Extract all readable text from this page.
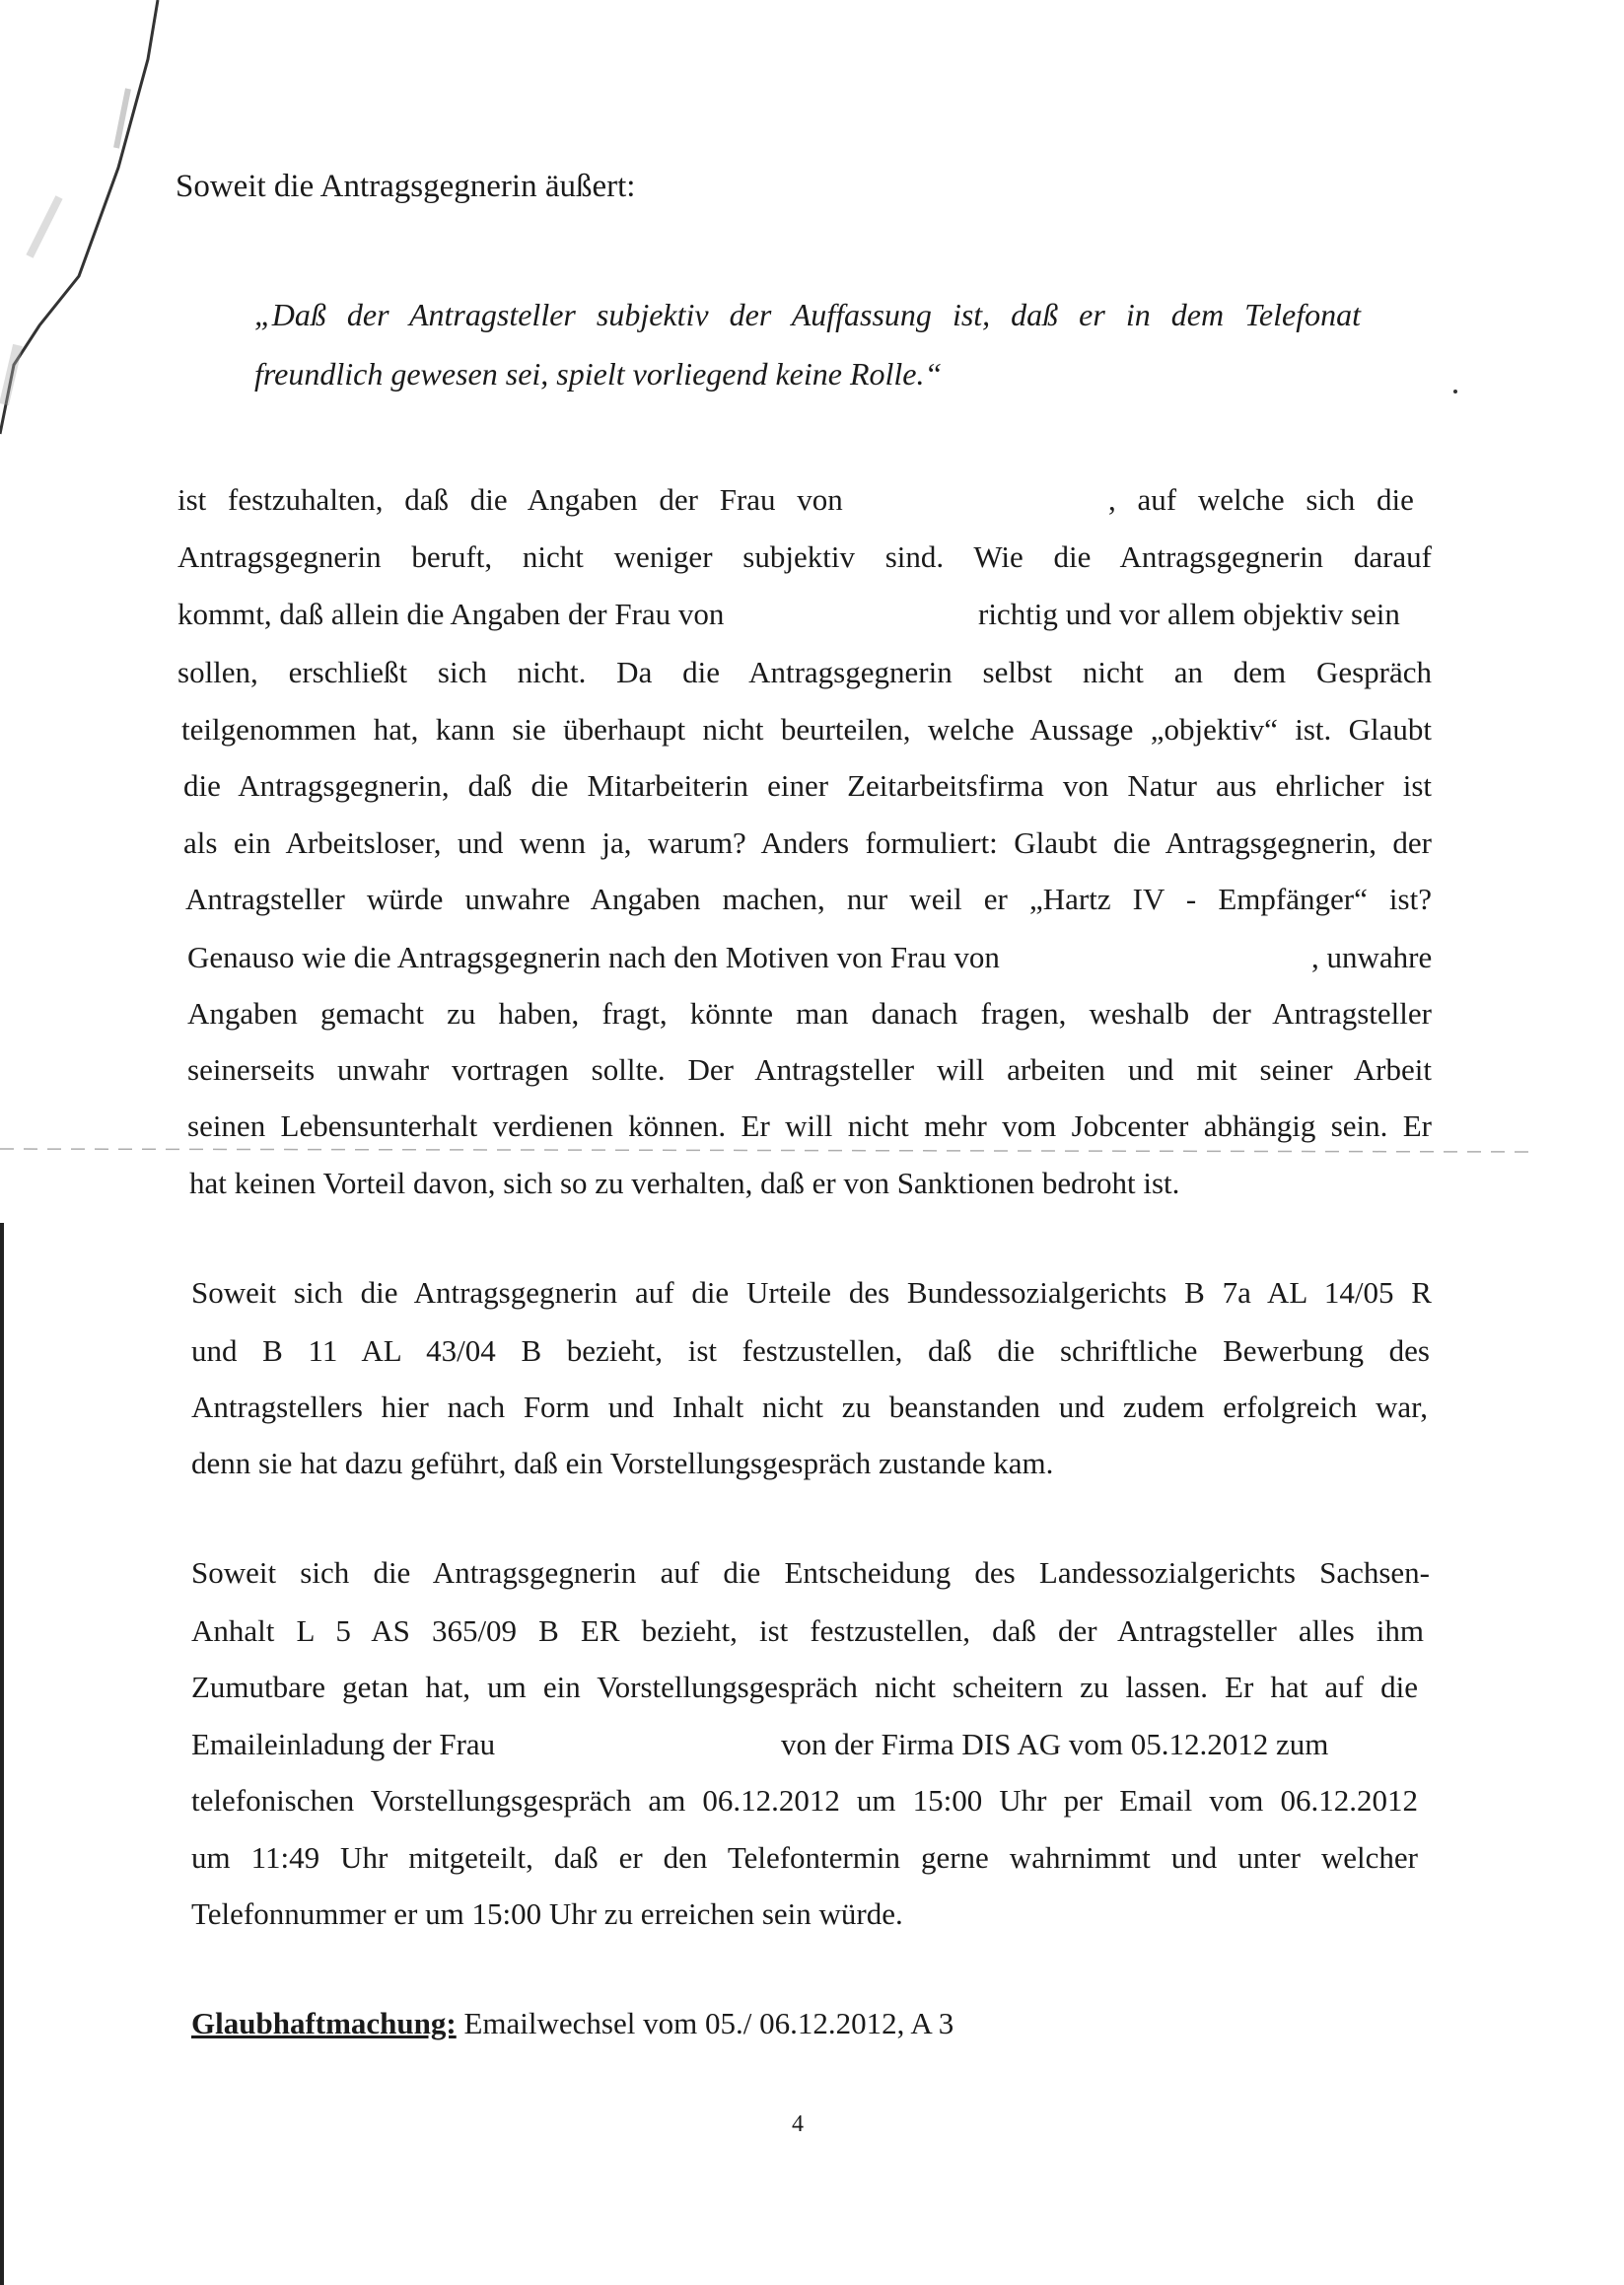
Soweit die Antragsgegnerin äußert:
„Daß der Antragsteller subjektiv der Auffassung ist, daß er in dem Telefonat
freundlich gewesen sei, spielt vorliegend keine Rolle.“
ist festzuhalten, daß die Angaben der Frau von	, auf welche sich die
Antragsgegnerin beruft, nicht weniger subjektiv sind. Wie die Antragsgegnerin darauf
kommt, daß allein die Angaben der Frau von	richtig und vor allem objektiv sein
sollen, erschließt sich nicht. Da die Antragsgegnerin selbst nicht an dem Gespräch
teilgenommen hat, kann sie überhaupt nicht beurteilen, welche Aussage „objektiv“ ist. Glaubt
die Antragsgegnerin, daß die Mitarbeiterin einer Zeitarbeitsfirma von Natur aus ehrlicher ist
als ein Arbeitsloser, und wenn ja, warum? Anders formuliert: Glaubt die Antragsgegnerin, der
Antragsteller würde unwahre Angaben machen, nur weil er „Hartz IV - Empfänger“ ist?
Genauso wie die Antragsgegnerin nach den Motiven von Frau von	, unwahre
Angaben gemacht zu haben, fragt, könnte man danach fragen, weshalb der Antragsteller
seinerseits unwahr vortragen sollte. Der Antragsteller will arbeiten und mit seiner Arbeit
seinen Lebensunterhalt verdienen können. Er will nicht mehr vom Jobcenter abhängig sein. Er
hat keinen Vorteil davon, sich so zu verhalten, daß er von Sanktionen bedroht ist.
Soweit sich die Antragsgegnerin auf die Urteile des Bundessozialgerichts B 7a AL 14/05 R
und B 11 AL 43/04 B bezieht, ist festzustellen, daß die schriftliche Bewerbung des
Antragstellers hier nach Form und Inhalt nicht zu beanstanden und zudem erfolgreich war,
denn sie hat dazu geführt, daß ein Vorstellungsgespräch zustande kam.
Soweit sich die Antragsgegnerin auf die Entscheidung des Landessozialgerichts Sachsen-
Anhalt L 5 AS 365/09 B ER bezieht, ist festzustellen, daß der Antragsteller alles ihm
Zumutbare getan hat, um ein Vorstellungsgespräch nicht scheitern zu lassen. Er hat auf die
Emaileinladung der Frau	von der Firma DIS AG vom 05.12.2012 zum
telefonischen Vorstellungsgespräch am 06.12.2012 um 15:00 Uhr per Email vom 06.12.2012
um 11:49 Uhr mitgeteilt, daß er den Telefontermin gerne wahrnimmt und unter welcher
Telefonnummer er um 15:00 Uhr zu erreichen sein würde.
Glaubhaftmachung: Emailwechsel vom 05./ 06.12.2012, A 3
4
